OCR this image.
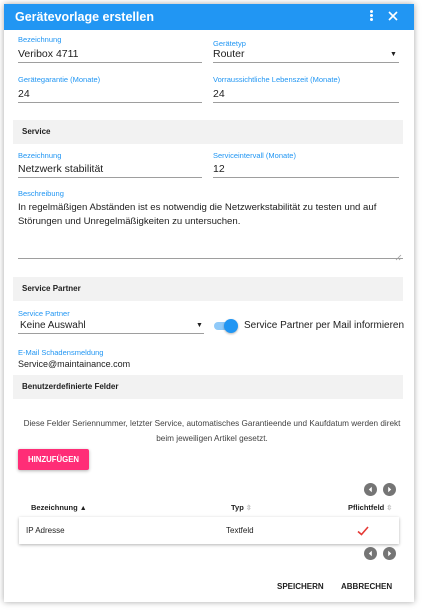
Gerätevorlage erstellen
Bezeichnung
Veribox 4711
Gerätetyp
Router	▼
Gerätegarantie (Monate)
24
Vorraussichtliche Lebenszeit (Monate)
24
Service
Bezeichnung
Netzwerk stabilität
Serviceintervall (Monate)
12
Beschreibung
In regelmäßigen Abständen ist es notwendig die Netzwerkstabilität zu testen und auf Störungen und Unregelmäßigkeiten zu untersuchen.
Service Partner
Service Partner
Keine Auswahl	▼	Service Partner per Mail informieren
E-Mail Schadensmeldung
Service@maintainance.com
Benutzerdefinierte Felder
Diese Felder Seriennummer, letzter Service, automatisches Garantieende und Kaufdatum werden direkt beim jeweiligen Artikel gesetzt.
HINZUFÜGEN
Bezeichnung ▲	Typ ⇳	Pflichtfeld ⇳
IP Adresse	Textfeld
SPEICHERN ABBRECHEN
